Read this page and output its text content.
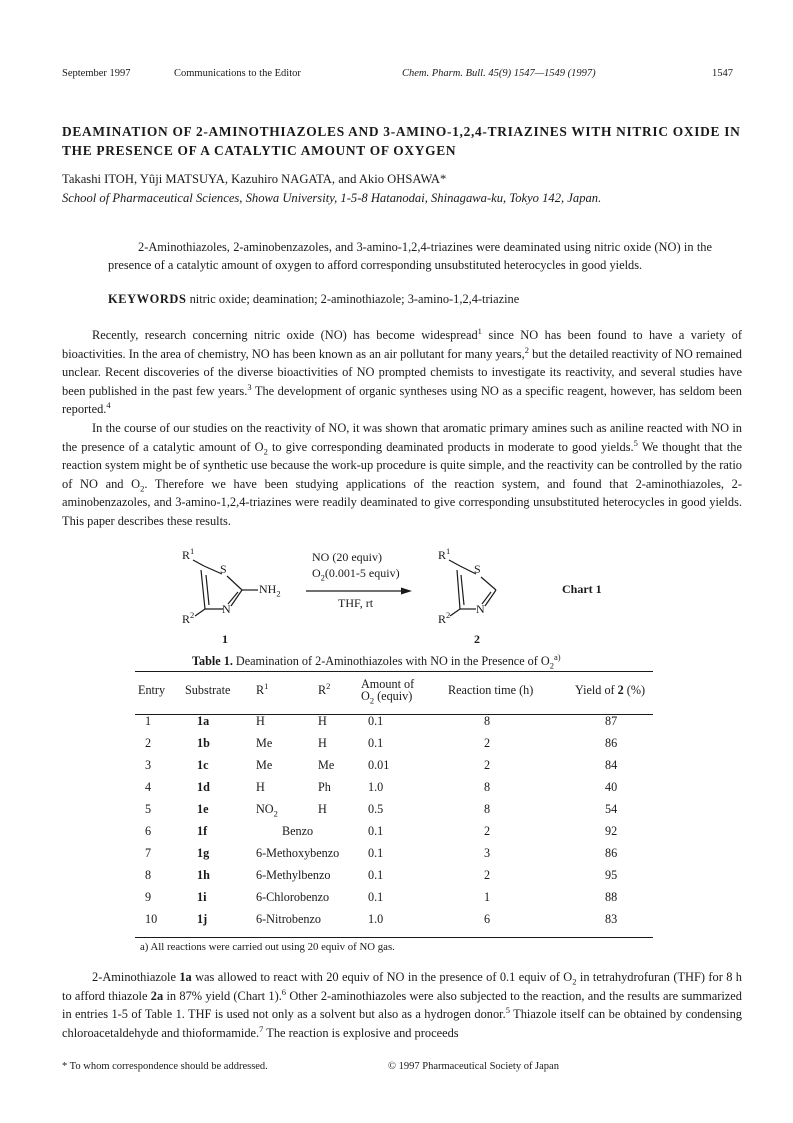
September 1997	Communications to the Editor	Chem. Pharm. Bull. 45(9) 1547—1549 (1997)	1547
DEAMINATION OF 2-AMINOTHIAZOLES AND 3-AMINO-1,2,4-TRIAZINES WITH NITRIC OXIDE IN THE PRESENCE OF A CATALYTIC AMOUNT OF OXYGEN
Takashi ITOH, Yûji MATSUYA, Kazuhiro NAGATA, and Akio OHSAWA*
School of Pharmaceutical Sciences, Showa University, 1-5-8 Hatanodai, Shinagawa-ku, Tokyo 142, Japan.
2-Aminothiazoles, 2-aminobenzazoles, and 3-amino-1,2,4-triazines were deaminated using nitric oxide (NO) in the presence of a catalytic amount of oxygen to afford corresponding unsubstituted heterocycles in good yields.
KEYWORDS nitric oxide; deamination; 2-aminothiazole; 3-amino-1,2,4-triazine

Recently, research concerning nitric oxide (NO) has become widespread$^1$ since NO has been found to have a variety of bioactivities. In the area of chemistry, NO has been known as an air pollutant for many years,$^2$ but the detailed reactivity of NO remained unclear. Recent discoveries of the diverse bioactivities of NO prompted chemists to investigate its reactivity, and several studies have been published in the past few years.$^3$ The development of organic syntheses using NO as a specific reagent, however, has seldom been reported.$^4$

In the course of our studies on the reactivity of NO, it was shown that aromatic primary amines such as aniline reacted with NO in the presence of a catalytic amount of $O_2$ to give corresponding deaminated products in moderate to good yields.$^5$ We thought that the reaction system might be of synthetic use because the work-up procedure is quite simple, and the reactivity can be controlled by the ratio of NO and $O_2$. Therefore we have been studying applications of the reaction system, and found that 2-aminothiazoles, 2-aminobenzazoles, and 3-amino-1,2,4-triazines were readily deaminated to give corresponding unsubstituted heterocycles in good yields. This paper describes these results.

$R^1$
S
$NH_2$
N
$R^2$
1
NO (20 equiv)
$O_2(0.001-5$ equiv)
THF, rt
$R^1$
S
N
$R^2$
2
Chart 1
Table 1. Deamination of 2-Aminothiazoles with NO in the Presence of $O_2^{a)}$
Entry	Substrate	$R^1$	$R^2$	Amount of
$O_2$ (equiv)	Reaction time (h)	Yield of 2 (%)
1	1a	H	H	0.1	8	87
2	1b	Me	H	0.1	2	86
3	1c	Me	Me	0.01	2	84
4	1d	H	Ph	1.0	8	40
5	1e	$NO_2$	H	0.5	8	54
6	1f	Benzo		0.1	2	92
7	1g	6-Methoxybenzo		0.1	3	86
8	1h	6-Methylbenzo		0.1	2	95
9	1i	6-Chlorobenzo		0.1	1	88
10	1j	6-Nitrobenzo		1.0	6	83
a) All reactions were carried out using 20 equiv of NO gas.

2-Aminothiazole 1a was allowed to react with 20 equiv of NO in the presence of 0.1 equiv of $O_2$ in tetrahydrofuran (THF) for 8 h to afford thiazole 2a in 87% yield (Chart 1).$^6$ Other 2-aminothiazoles were also subjected to the reaction, and the results are summarized in entries 1-5 of Table 1. THF is used not only as a solvent but also as a hydrogen donor.$^5$ Thiazole itself can be obtained by condensing chloroacetaldehyde and thioformamide.$^7$ The reaction is explosive and proceeds

* To whom correspondence should be addressed.	© 1997 Pharmaceutical Society of Japan
